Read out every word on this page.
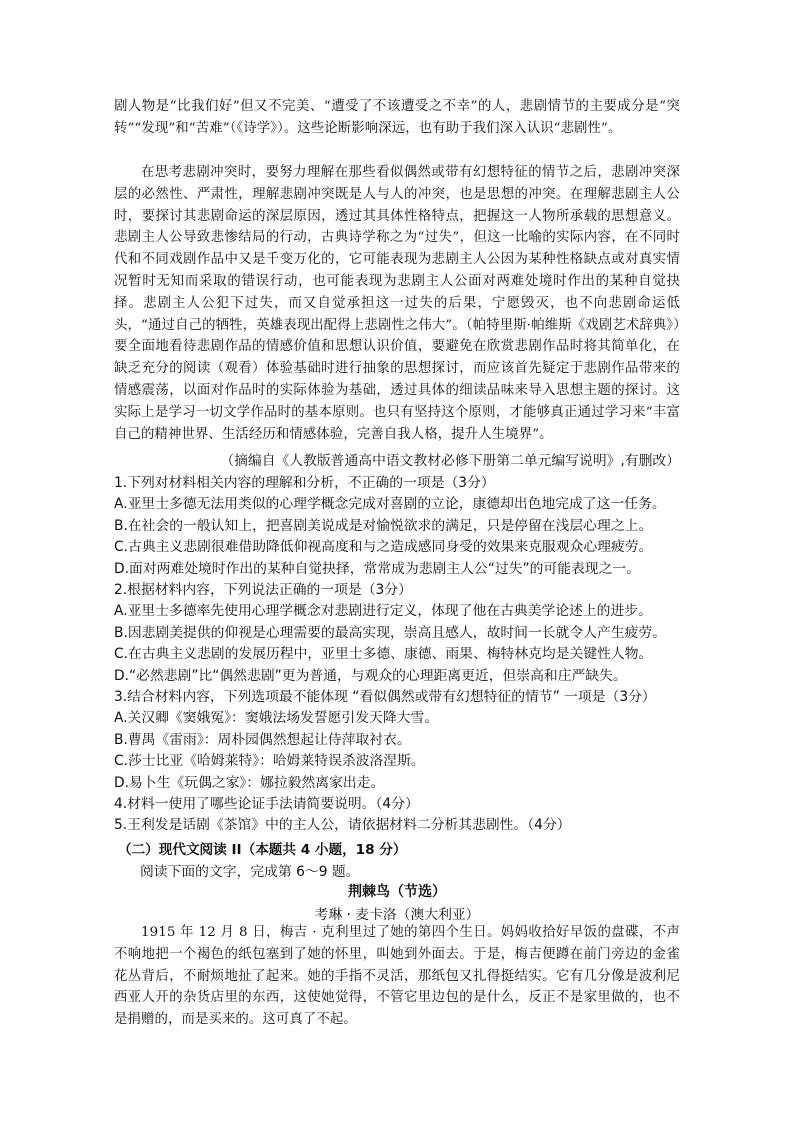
剧人物是“比我们好”但又不完美、“遭受了不该遭受之不幸”的人，悲剧情节的主要成分是“突转”“发现”和“苦难”（《诗学》）。这些论断影响深远，也有助于我们深入认识“悲剧性”。

在思考悲剧冲突时，要努力理解在那些看似偶然或带有幻想特征的情节之后，悲剧冲突深层的必然性、严肃性，理解悲剧冲突既是人与人的冲突，也是思想的冲突。在理解悲剧主人公时，要探讨其悲剧命运的深层原因，透过其具体性格特点，把握这一人物所承载的思想意义。悲剧主人公导致悲惨结局的行动，古典诗学称之为“过失”，但这一比喻的实际内容，在不同时代和不同戏剧作品中又是千变万化的，它可能表现为悲剧主人公因为某种性格缺点或对真实情况暂时无知而采取的错误行动，也可能表现为悲剧主人公面对两难处境时作出的某种自觉抉择。悲剧主人公犯下过失，而又自觉承担这一过失的后果，宁愿毁灭，也不向悲剧命运低头，“通过自己的牺牲，英雄表现出配得上悲剧性之伟大”。（帕特里斯·帕维斯《戏剧艺术辞典》）要全面地看待悲剧作品的情感价值和思想认识价值，要避免在欣赏悲剧作品时将其简单化，在缺乏充分的阅读（观看）体验基础时进行抽象的思想探讨，而应该首先疑定于悲剧作品带来的情感震荡，以面对作品时的实际体验为基础，透过具体的细读品味来导入思想主题的探讨。这实际上是学习一切文学作品时的基本原则。也只有坚持这个原则，才能够真正通过学习来“丰富自己的精神世界、生活经历和情感体验，完善自我人格，提升人生境界”。

（摘编自《人教版普通高中语文教材必修下册第二单元编写说明》,有删改）

1.下列对材料相关内容的理解和分析，不正确的一项是（3分）
A.亚里士多德无法用类似的心理学概念完成对喜剧的立论，康德却出色地完成了这一任务。
B.在社会的一般认知上，把喜剧美说成是对愉悦欲求的满足，只是停留在浅层心理之上。
C.古典主义悲剧很难借助降低仰视高度和与之造成感同身受的效果来克服观众心理疲劳。
D.面对两难处境时作出的某种自觉抉择，常常成为悲剧主人公“过失”的可能表现之一。
2.根据材料内容，下列说法正确的一项是（3分）
A.亚里士多德率先使用心理学概念对悲剧进行定义，体现了他在古典美学论述上的进步。
B.因悲剧美提供的仰视是心理需要的最高实现，崇高且感人，故时间一长就令人产生疲劳。
C.在古典主义悲剧的发展历程中，亚里士多德、康德、雨果、梅特林克均是关键性人物。
D.“必然悲剧”比“偶然悲剧”更为普通，与观众的心理距离更近，但崇高和庄严缺失。
3.结合材料内容，下列选项最不能体现 “看似偶然或带有幻想特征的情节” 一项是（3分）
A.关汉卿《窦娥冤》：窦娥法场发誓愿引发天降大雪。
B.曹禺《雷雨》：周朴园偶然想起让侍萍取衬衣。
C.莎士比亚《哈姆莱特》：哈姆莱特误杀波洛涅斯。
D.易卜生《玩偶之家》：娜拉毅然离家出走。
4.材料一使用了哪些论证手法请简要说明。（4分）
5.王利发是话剧《茶馆》中的主人公，请依据材料二分析其悲剧性。（4分）
（二）现代文阅读 II（本题共 4 小题，18 分）
阅读下面的文字，完成第 6～9 题。
荆棘鸟（节选）
考琳 · 麦卡洛（澳大利亚）

1915 年 12 月 8 日，梅吉 · 克利里过了她的第四个生日。妈妈收拾好早饭的盘碟，不声不响地把一个褐色的纸包塞到了她的怀里，叫她到外面去。于是，梅吉便蹲在前门旁边的金雀花丛背后，不耐烦地扯了起来。她的手指不灵活，那纸包又扎得挺结实。它有几分像是波利尼西亚人开的杂货店里的东西，这使她觉得，不管它里边包的是什么，反正不是家里做的，也不是捐赠的，而是买来的。这可真了不起。
